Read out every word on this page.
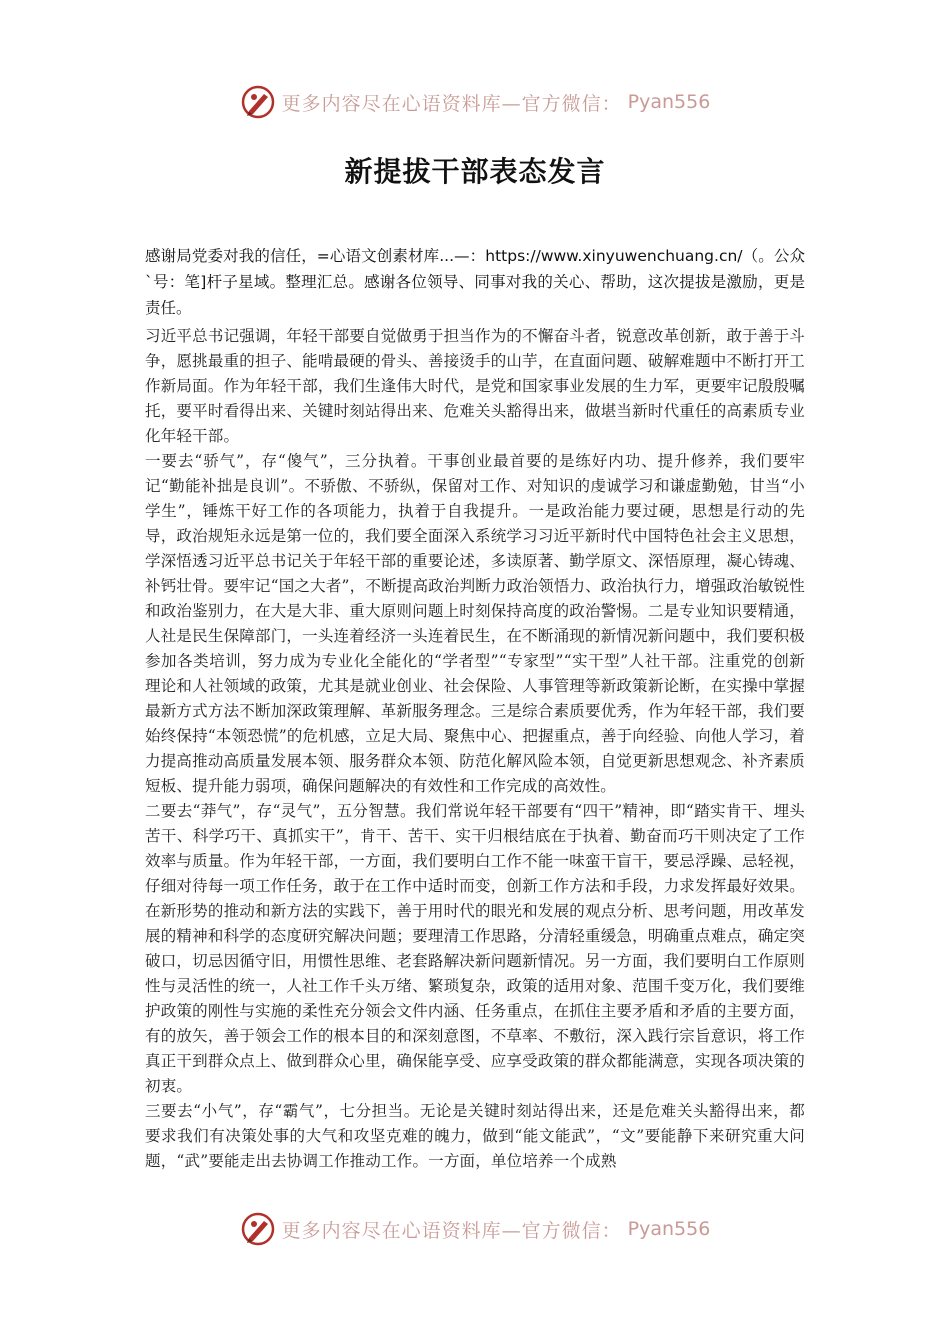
更多内容尽在心语资料库—官方微信： Pyan556
新提拔干部表态发言

感谢局党委对我的信任，=心语文创素材库...—：https://www.xinyuwenchuang.cn/（。公众`号：笔]杆子星域。整理汇总。感谢各位领导、同事对我的关心、帮助，这次提拔是激励，更是责任。

习近平总书记强调，年轻干部要自觉做勇于担当作为的不懈奋斗者，锐意改革创新，敢于善于斗争，愿挑最重的担子、能啃最硬的骨头、善接烫手的山芋，在直面问题、破解难题中不断打开工作新局面。作为年轻干部，我们生逢伟大时代，是党和国家事业发展的生力军，更要牢记殷殷嘱托，要平时看得出来、关键时刻站得出来、危难关头豁得出来，做堪当新时代重任的高素质专业化年轻干部。

一要去“骄气”，存“傻气”，三分执着。干事创业最首要的是练好内功、提升修养，我们要牢记“勤能补拙是良训”。不骄傲、不骄纵，保留对工作、对知识的虔诚学习和谦虚勤勉，甘当“小学生”，锤炼干好工作的各项能力，执着于自我提升。一是政治能力要过硬，思想是行动的先导，政治规矩永远是第一位的，我们要全面深入系统学习习近平新时代中国特色社会主义思想，学深悟透习近平总书记关于年轻干部的重要论述，多读原著、勤学原文、深悟原理，凝心铸魂、补钙壮骨。要牢记“国之大者”，不断提高政治判断力政治领悟力、政治执行力，增强政治敏锐性和政治鉴别力，在大是大非、重大原则问题上时刻保持高度的政治警惕。二是专业知识要精通，人社是民生保障部门，一头连着经济一头连着民生，在不断涌现的新情况新问题中，我们要积极参加各类培训，努力成为专业化全能化的“学者型”“专家型”“实干型”人社干部。注重党的创新理论和人社领域的政策，尤其是就业创业、社会保险、人事管理等新政策新论断，在实操中掌握最新方式方法不断加深政策理解、革新服务理念。三是综合素质要优秀，作为年轻干部，我们要始终保持“本领恐慌”的危机感，立足大局、聚焦中心、把握重点，善于向经验、向他人学习，着力提高推动高质量发展本领、服务群众本领、防范化解风险本领，自觉更新思想观念、补齐素质短板、提升能力弱项，确保问题解决的有效性和工作完成的高效性。

二要去“莽气”，存“灵气”，五分智慧。我们常说年轻干部要有“四干”精神，即“踏实肯干、埋头苦干、科学巧干、真抓实干”，肯干、苦干、实干归根结底在于执着、勤奋而巧干则决定了工作效率与质量。作为年轻干部，一方面，我们要明白工作不能一味蛮干盲干，要忌浮躁、忌轻视，仔细对待每一项工作任务，敢于在工作中适时而变，创新工作方法和手段，力求发挥最好效果。在新形势的推动和新方法的实践下，善于用时代的眼光和发展的观点分析、思考问题，用改革发展的精神和科学的态度研究解决问题；要理清工作思路，分清轻重缓急，明确重点难点，确定突破口，切忌因循守旧，用惯性思维、老套路解决新问题新情况。另一方面，我们要明白工作原则性与灵活性的统一，人社工作千头万绪、繁琐复杂，政策的适用对象、范围千变万化，我们要维护政策的刚性与实施的柔性充分领会文件内涵、任务重点，在抓住主要矛盾和矛盾的主要方面，有的放矢，善于领会工作的根本目的和深刻意图，不草率、不敷衍，深入践行宗旨意识，将工作真正干到群众点上、做到群众心里，确保能享受、应享受政策的群众都能满意，实现各项决策的初衷。

三要去“小气”，存“霸气”，七分担当。无论是关键时刻站得出来，还是危难关头豁得出来，都要求我们有决策处事的大气和攻坚克难的魄力，做到“能文能武”，“文”要能静下来研究重大问题，“武”要能走出去协调工作推动工作。一方面，单位培养一个成熟

更多内容尽在心语资料库—官方微信： Pyan556
